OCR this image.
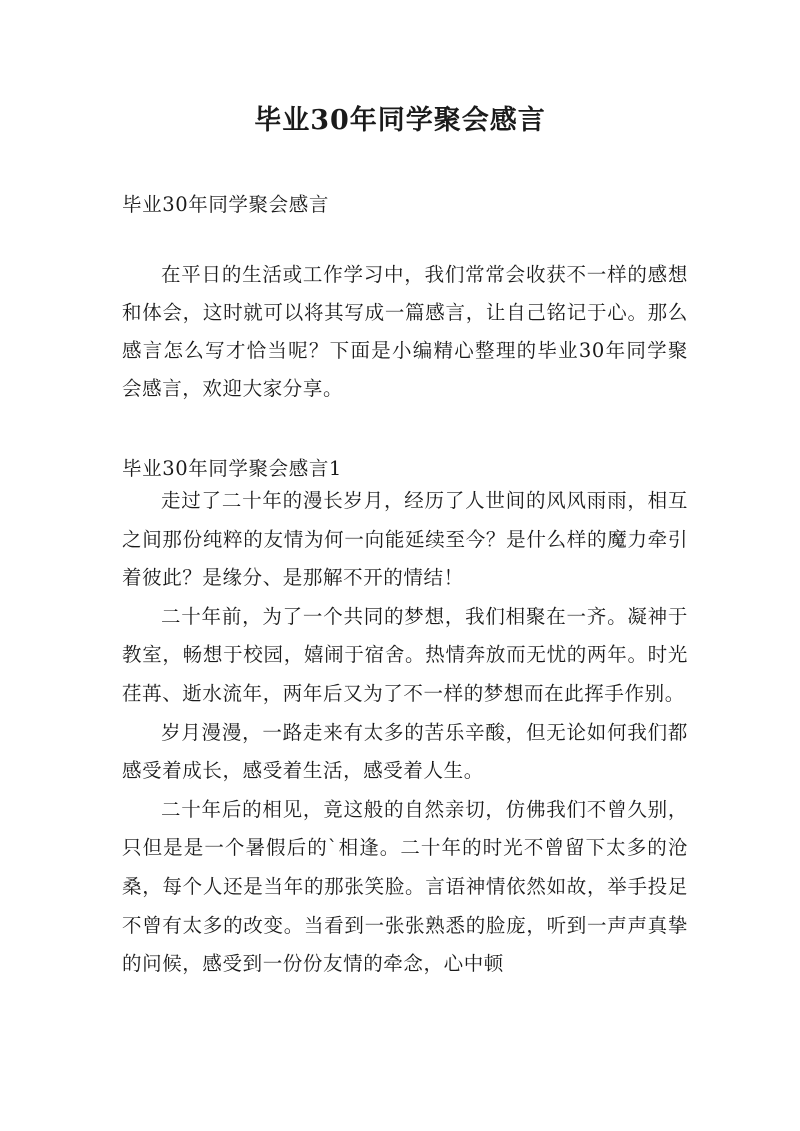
毕业30年同学聚会感言

毕业30年同学聚会感言

在平日的生活或工作学习中，我们常常会收获不一样的感想和体会，这时就可以将其写成一篇感言，让自己铭记于心。那么感言怎么写才恰当呢？下面是小编精心整理的毕业30年同学聚会感言，欢迎大家分享。

毕业30年同学聚会感言1

走过了二十年的漫长岁月，经历了人世间的风风雨雨，相互之间那份纯粹的友情为何一向能延续至今？是什么样的魔力牵引着彼此？是缘分、是那解不开的情结！

二十年前，为了一个共同的梦想，我们相聚在一齐。凝神于教室，畅想于校园，嬉闹于宿舍。热情奔放而无忧的两年。时光荏苒、逝水流年，两年后又为了不一样的梦想而在此挥手作别。

岁月漫漫，一路走来有太多的苦乐辛酸，但无论如何我们都感受着成长，感受着生活，感受着人生。

二十年后的相见，竟这般的自然亲切，仿佛我们不曾久别，只但是是一个暑假后的`相逢。二十年的时光不曾留下太多的沧桑，每个人还是当年的那张笑脸。言语神情依然如故，举手投足不曾有太多的改变。当看到一张张熟悉的脸庞，听到一声声真挚的问候，感受到一份份友情的牵念，心中顿
